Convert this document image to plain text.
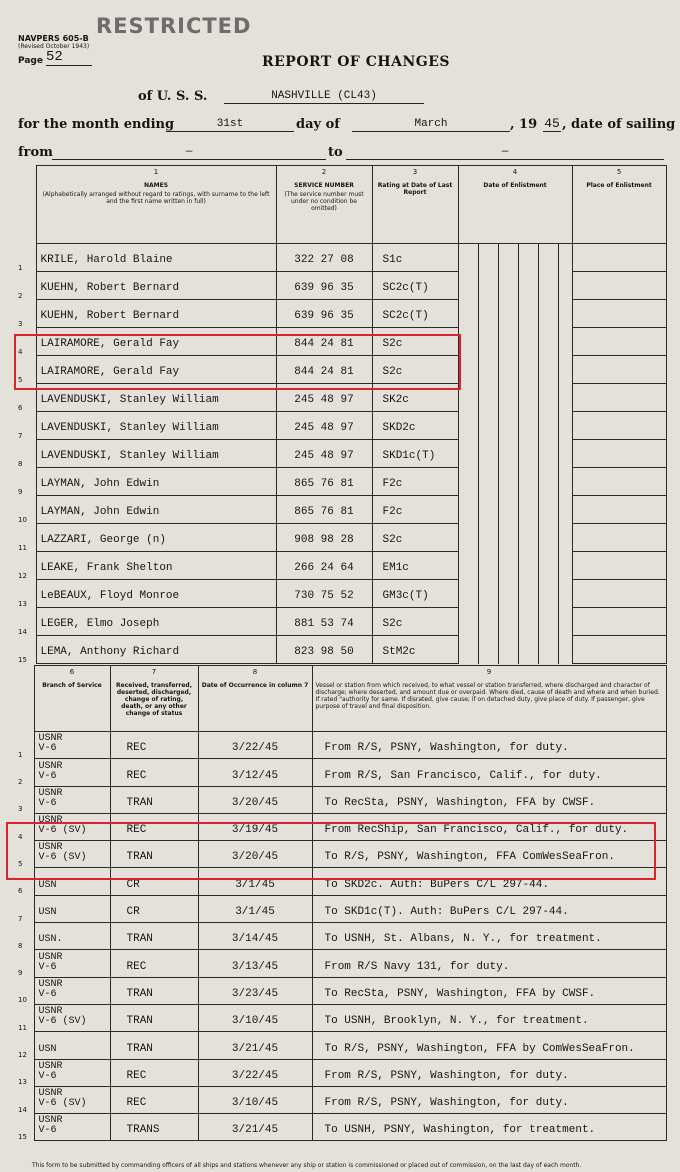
RESTRICTED
NAVPERS 605-B
(Revised October 1943)
Page 52	REPORT OF CHANGES
of U. S. S.	NASHVILLE (CL43)
for the month ending	31st	day of	March	, 19 45 , date of sailing
from	—	to	—

	1
NAMES
(Alphabetically arranged without regard to ratings, with surname to the left and the first name written in full)	2
SERVICE NUMBER
(The service number must under no condition be omitted)	3
Rating at Date of Last Report	4
Date of Enlistment						5
Place of Enlistment

1	KRILE, Harold Blaine	322 27 08	S1c							
2	KUEHN, Robert Bernard	639 96 35	SC2c(T)							
3	KUEHN, Robert Bernard	639 96 35	SC2c(T)							
4	LAIRAMORE, Gerald Fay	844 24 81	S2c							
5	LAIRAMORE, Gerald Fay	844 24 81	S2c							
6	LAVENDUSKI, Stanley William	245 48 97	SK2c							
7	LAVENDUSKI, Stanley William	245 48 97	SKD2c							
8	LAVENDUSKI, Stanley William	245 48 97	SKD1c(T)							
9	LAYMAN, John Edwin	865 76 81	F2c							
10	LAYMAN, John Edwin	865 76 81	F2c							
11	LAZZARI, George (n)	908 98 28	S2c							
12	LEAKE, Frank Shelton	266 24 64	EM1c							
13	LeBEAUX, Floyd Monroe	730 75 52	GM3c(T)							
14	LEGER, Elmo Joseph	881 53 74	S2c							
15	LEMA, Anthony Richard	823 98 50	StM2c							

	6
Branch of Service	7
Received, transferred, deserted, discharged, change of rating, death, or any other change of status	8
Date of Occurrence in column 7	9
Vessel or station from which received, to what vessel or station transferred, where discharged and character of discharge; where deserted, and amount due or overpaid. Where died, cause of death and where and when buried. If rated "authority for same. If disrated, give cause; if on detached duty, give place of duty. If passenger, give purpose of travel and final disposition.

1	USNR
V-6	REC	3/22/45	From R/S, PSNY, Washington, for duty.
2	USNR
V-6	REC	3/12/45	From R/S, San Francisco, Calif., for duty.
3	USNR
V-6	TRAN	3/20/45	To RecSta, PSNY, Washington, FFA by CWSF.
4	USNR
V-6 (SV)	REC	3/19/45	From RecShip, San Francisco, Calif., for duty.
5	USNR
V-6 (SV)	TRAN	3/20/45	To R/S, PSNY, Washington, FFA ComWesSeaFron.
6	USN	CR	3/1/45	To SKD2c. Auth: BuPers C/L 297-44.
7	USN	CR	3/1/45	To SKD1c(T). Auth: BuPers C/L 297-44.
8	USN.	TRAN	3/14/45	To USNH, St. Albans, N. Y., for treatment.
9	USNR
V-6	REC	3/13/45	From R/S Navy 131, for duty.
10	USNR
V-6	TRAN	3/23/45	To RecSta, PSNY, Washington, FFA by CWSF.
11	USNR
V-6 (SV)	TRAN	3/10/45	To USNH, Brooklyn, N. Y., for treatment.
12	USN	TRAN	3/21/45	To R/S, PSNY, Washington, FFA by ComWesSeaFron.
13	USNR
V-6	REC	3/22/45	From R/S, PSNY, Washington, for duty.
14	USNR
V-6 (SV)	REC	3/10/45	From R/S, PSNY, Washington, for duty.
15	USNR
V-6	TRANS	3/21/45	To USNH, PSNY, Washington, for treatment.
This form to be submitted by commanding officers of all ships and stations whenever any ship or station is commissioned or placed out of commission, on the last day of each month.
